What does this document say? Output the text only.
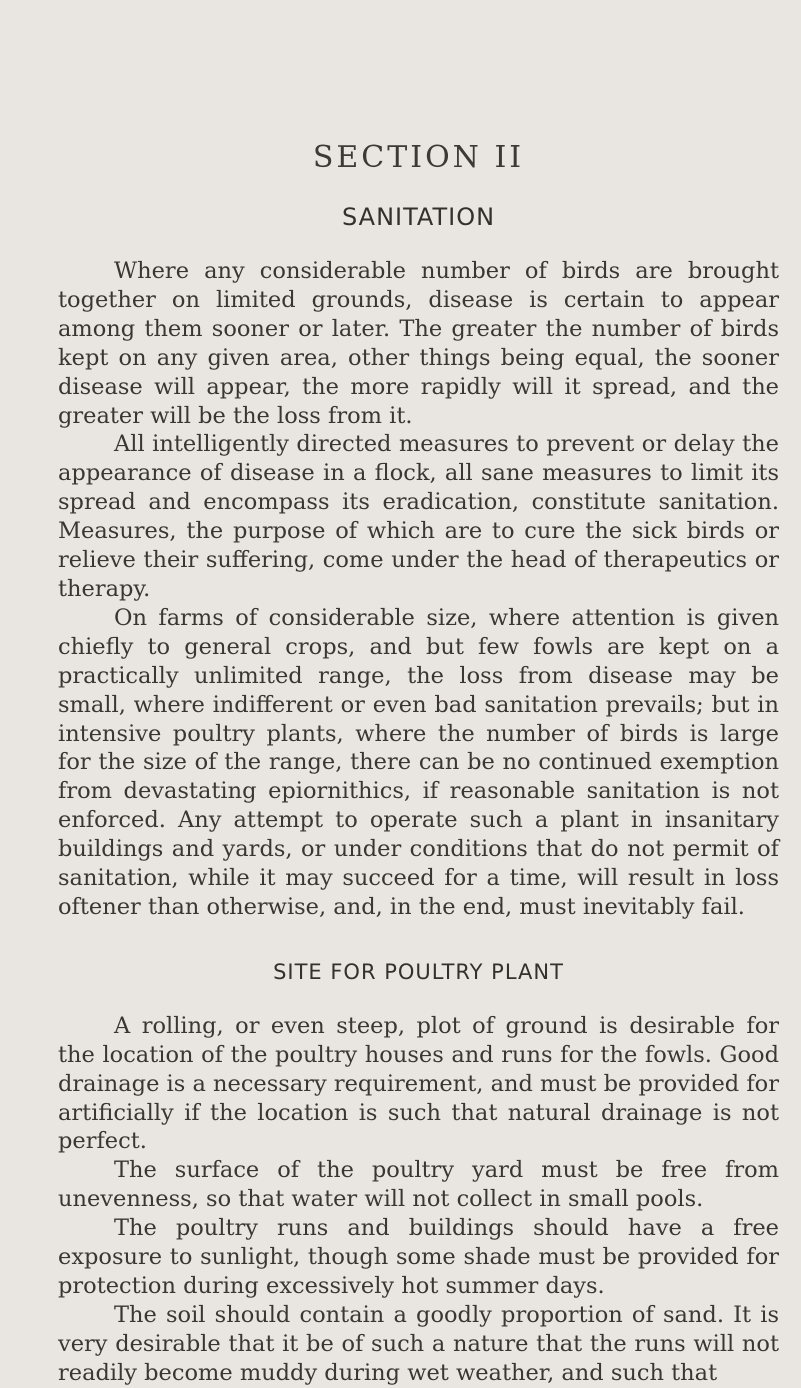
SECTION II
SANITATION

Where any considerable number of birds are brought together on limited grounds, disease is certain to appear among them sooner or later. The greater the number of birds kept on any given area, other things being equal, the sooner disease will appear, the more rapidly will it spread, and the greater will be the loss from it.

All intelligently directed measures to prevent or delay the appearance of disease in a flock, all sane measures to limit its spread and encompass its eradication, constitute sanitation. Measures, the purpose of which are to cure the sick birds or relieve their suffering, come under the head of therapeutics or therapy.

On farms of considerable size, where attention is given chiefly to general crops, and but few fowls are kept on a practically unlimited range, the loss from disease may be small, where indifferent or even bad sanitation prevails; but in intensive poultry plants, where the number of birds is large for the size of the range, there can be no continued exemption from devastating epiornithics, if reasonable sanitation is not enforced. Any attempt to operate such a plant in insanitary buildings and yards, or under conditions that do not permit of sanitation, while it may succeed for a time, will result in loss oftener than otherwise, and, in the end, must inevitably fail.

SITE FOR POULTRY PLANT

A rolling, or even steep, plot of ground is desirable for the location of the poultry houses and runs for the fowls. Good drainage is a necessary requirement, and must be provided for artificially if the location is such that natural drainage is not perfect.

The surface of the poultry yard must be free from unevenness, so that water will not collect in small pools.

The poultry runs and buildings should have a free exposure to sunlight, though some shade must be provided for protection during excessively hot summer days.

The soil should contain a goodly proportion of sand. It is very desirable that it be of such a nature that the runs will not readily become muddy during wet weather, and such that
